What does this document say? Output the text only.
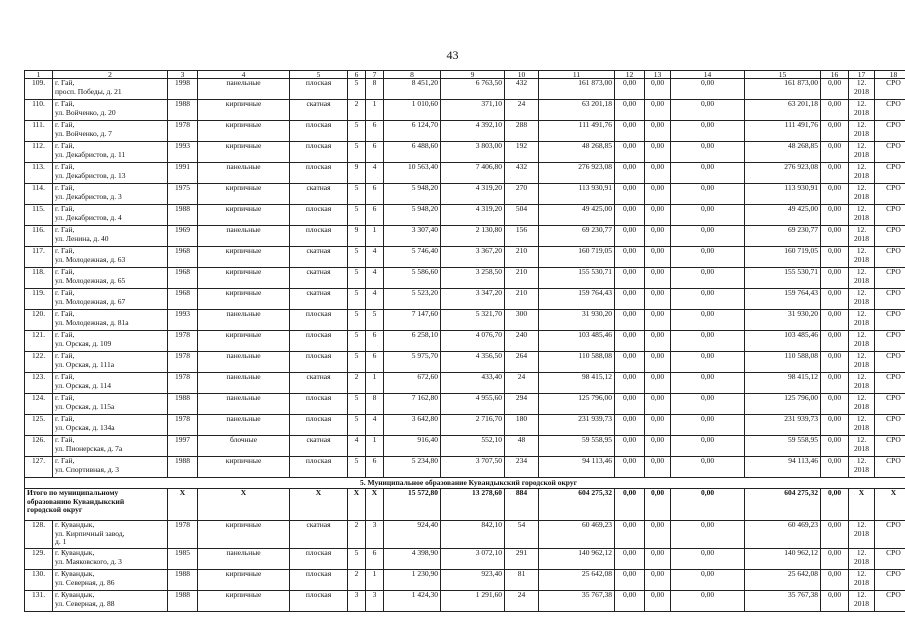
43
1	2	3	4	5	6	7	8	9	10	11	12	13	14	15	16	17	18
109.	г. Гай,
просп. Победы, д. 21	1998	панельные	плоская	5	8	8 451,20	6 763,50	432	161 873,00	0,00	0,00	0,00	161 873,00	0,00	12.
2018	СРО
110.	г. Гай,
ул. Войченко, д. 20	1988	кирпичные	скатная	2	1	1 010,60	371,10	24	63 201,18	0,00	0,00	0,00	63 201,18	0,00	12.
2018	СРО
111.	г. Гай,
ул. Войченко, д. 7	1978	кирпичные	плоская	5	6	6 124,70	4 392,10	288	111 491,76	0,00	0,00	0,00	111 491,76	0,00	12.
2018	СРО
112.	г. Гай,
ул. Декабристов, д. 11	1993	кирпичные	плоская	5	6	6 488,60	3 803,00	192	48 268,85	0,00	0,00	0,00	48 268,85	0,00	12.
2018	СРО
113.	г. Гай,
ул. Декабристов, д. 13	1991	панельные	плоская	9	4	10 563,40	7 406,80	432	276 923,08	0,00	0,00	0,00	276 923,08	0,00	12.
2018	СРО
114.	г. Гай,
ул. Декабристов, д. 3	1975	кирпичные	скатная	5	6	5 948,20	4 319,20	270	113 930,91	0,00	0,00	0,00	113 930,91	0,00	12.
2018	СРО
115.	г. Гай,
ул. Декабристов, д. 4	1988	кирпичные	плоская	5	6	5 948,20	4 319,20	504	49 425,00	0,00	0,00	0,00	49 425,00	0,00	12.
2018	СРО
116.	г. Гай,
ул. Ленина, д. 40	1969	панельные	плоская	9	1	3 307,40	2 130,80	156	69 230,77	0,00	0,00	0,00	69 230,77	0,00	12.
2018	СРО
117.	г. Гай,
ул. Молодежная, д. 63	1968	кирпичные	скатная	5	4	5 746,40	3 367,20	210	160 719,05	0,00	0,00	0,00	160 719,05	0,00	12.
2018	СРО
118.	г. Гай,
ул. Молодежная, д. 65	1968	кирпичные	скатная	5	4	5 586,60	3 258,50	210	155 530,71	0,00	0,00	0,00	155 530,71	0,00	12.
2018	СРО
119.	г. Гай,
ул. Молодежная, д. 67	1968	кирпичные	скатная	5	4	5 523,20	3 347,20	210	159 764,43	0,00	0,00	0,00	159 764,43	0,00	12.
2018	СРО
120.	г. Гай,
ул. Молодежная, д. 81а	1993	панельные	плоская	5	5	7 147,60	5 321,70	300	31 930,20	0,00	0,00	0,00	31 930,20	0,00	12.
2018	СРО
121.	г. Гай,
ул. Орская, д. 109	1978	кирпичные	плоская	5	6	6 258,10	4 076,70	240	103 485,46	0,00	0,00	0,00	103 485,46	0,00	12.
2018	СРО
122.	г. Гай,
ул. Орская, д. 111а	1978	панельные	плоская	5	6	5 975,70	4 356,50	264	110 588,08	0,00	0,00	0,00	110 588,08	0,00	12.
2018	СРО
123.	г. Гай,
ул. Орская, д. 114	1978	панельные	скатная	2	1	672,60	433,40	24	98 415,12	0,00	0,00	0,00	98 415,12	0,00	12.
2018	СРО
124.	г. Гай,
ул. Орская, д. 115а	1988	панельные	плоская	5	8	7 162,80	4 955,60	294	125 796,00	0,00	0,00	0,00	125 796,00	0,00	12.
2018	СРО
125.	г. Гай,
ул. Орская, д. 134а	1978	панельные	плоская	5	4	3 642,80	2 716,70	180	231 939,73	0,00	0,00	0,00	231 939,73	0,00	12.
2018	СРО
126.	г. Гай,
ул. Пионерская, д. 7а	1997	блочные	скатная	4	1	916,40	552,10	48	59 558,95	0,00	0,00	0,00	59 558,95	0,00	12.
2018	СРО
127.	г. Гай,
ул. Спортивная, д. 3	1988	кирпичные	плоская	5	6	5 234,80	3 707,50	234	94 113,46	0,00	0,00	0,00	94 113,46	0,00	12.
2018	СРО
5. Муниципальное образование Кувандыкский городской округ																	

Итого по муниципальному
образованию Кувандыкский
городской округ		X	X	X	X	X	15 572,80	13 278,60	884	604 275,32	0,00	0,00	0,00	604 275,32	0,00	X	X
128.	г. Кувандык,
ул. Кирпичный завод,
д. 1	1978	кирпичные	скатная	2	3	924,40	842,10	54	60 469,23	0,00	0,00	0,00	60 469,23	0,00	12.
2018	СРО
129.	г. Кувандык,
ул. Маяковского, д. 3	1985	панельные	плоская	5	6	4 398,90	3 072,10	291	140 962,12	0,00	0,00	0,00	140 962,12	0,00	12.
2018	СРО
130.	г. Кувандык,
ул. Северная, д. 86	1988	кирпичные	плоская	2	1	1 230,90	923,40	81	25 642,08	0,00	0,00	0,00	25 642,08	0,00	12.
2018	СРО
131.	г. Кувандык,
ул. Северная, д. 88	1988	кирпичные	плоская	3	3	1 424,30	1 291,60	24	35 767,38	0,00	0,00	0,00	35 767,38	0,00	12.
2018	СРО
